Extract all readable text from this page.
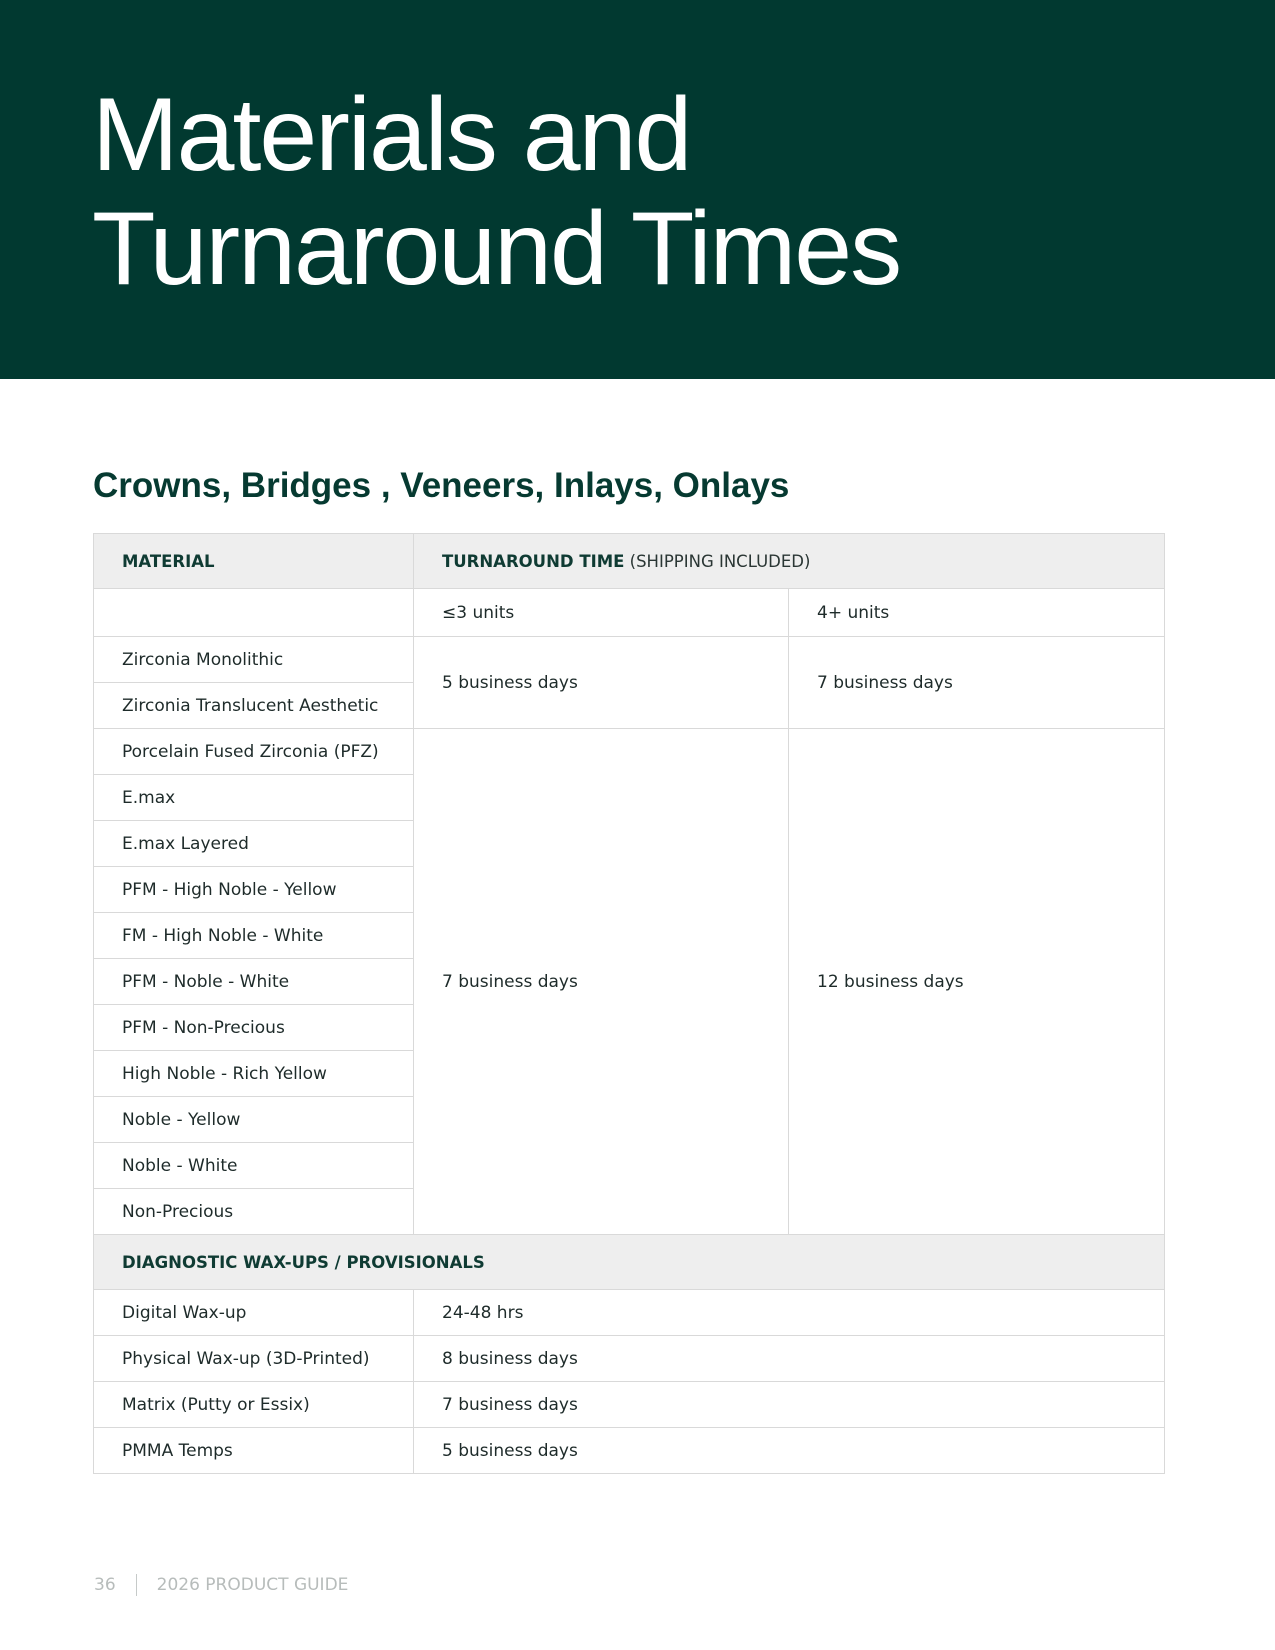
Materials and
Turnaround Times
Crowns, Bridges , Veneers, Inlays, Onlays
MATERIAL	TURNAROUND TIME (SHIPPING INCLUDED)	
	≤3 units	4+ units
Zirconia Monolithic	5 business days	7 business days
Zirconia Translucent Aesthetic		
Porcelain Fused Zirconia (PFZ)	7 business days	12 business days
E.max		
E.max Layered		
PFM - High Noble - Yellow		
FM - High Noble - White		
PFM - Noble - White		
PFM - Non-Precious		
High Noble - Rich Yellow		
Noble - Yellow		
Noble - White		
Non-Precious		
DIAGNOSTIC WAX-UPS / PROVISIONALS		
Digital Wax-up	24-48 hrs	
Physical Wax-up (3D-Printed)	8 business days	
Matrix (Putty or Essix)	7 business days	
PMMA Temps	5 business days	
36 2026 PRODUCT GUIDE
